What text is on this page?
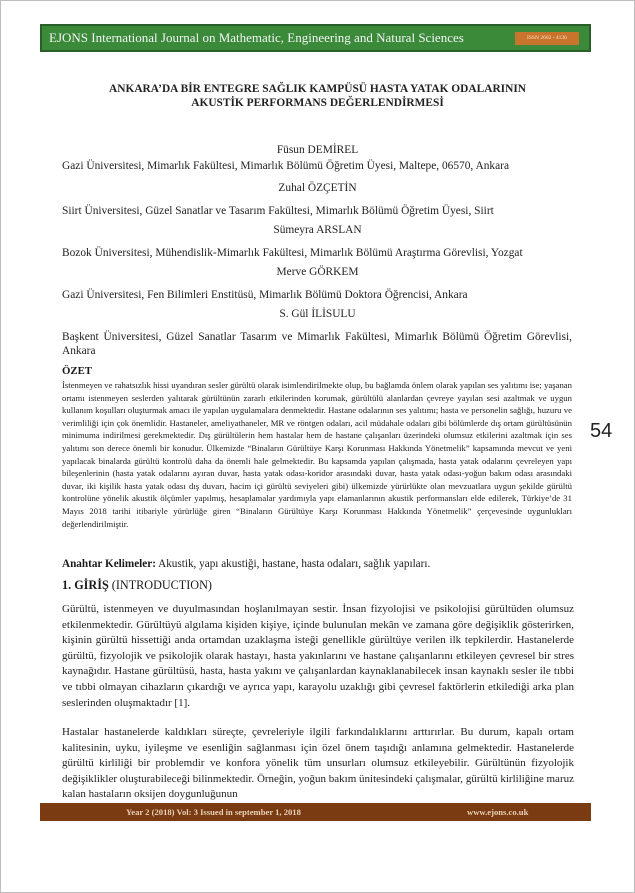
EJONS International Journal on Mathematic, Engineering and Natural Sciences	ISSN 2602 - 4136
ANKARA’DA BİR ENTEGRE SAĞLIK KAMPÜSÜ HASTA YATAK ODALARININ
AKUSTİK PERFORMANS DEĞERLENDİRMESİ
Füsun DEMİREL
Gazi Üniversitesi, Mimarlık Fakültesi, Mimarlık Bölümü Öğretim Üyesi, Maltepe, 06570, Ankara
Zuhal ÖZÇETİN
Siirt Üniversitesi, Güzel Sanatlar ve Tasarım Fakültesi, Mimarlık Bölümü Öğretim Üyesi, Siirt
Sümeyra ARSLAN
Bozok Üniversitesi, Mühendislik-Mimarlık Fakültesi, Mimarlık Bölümü Araştırma Görevlisi, Yozgat
Merve GÖRKEM
Gazi Üniversitesi, Fen Bilimleri Enstitüsü, Mimarlık Bölümü Doktora Öğrencisi, Ankara
S. Gül İLİSULU
Başkent Üniversitesi, Güzel Sanatlar Tasarım ve Mimarlık Fakültesi, Mimarlık Bölümü Öğretim Görevlisi, Ankara
ÖZET
İstenmeyen ve rahatsızlık hissi uyandıran sesler gürültü olarak isimlendirilmekte olup, bu bağlamda önlem olarak yapılan ses yalıtımı ise; yaşanan ortamı istenmeyen seslerden yalıtarak gürültünün zararlı etkilerinden korumak, gürültülü alanlardan çevreye yayılan sesi azaltmak ve uygun kullanım koşulları oluşturmak amacı ile yapılan uygulamalara denmektedir. Hastane odalarının ses yalıtımı; hasta ve personelin sağlığı, huzuru ve verimliliği için çok önemlidir. Hastaneler, ameliyathaneler, MR ve röntgen odaları, acil müdahale odaları gibi bölümlerde dış ortam gürültüsünün minimuma indirilmesi gerekmektedir. Dış gürültülerin hem hastalar hem de hastane çalışanları üzerindeki olumsuz etkilerini azaltmak için ses yalıtımı son derece önemli bir konudur. Ülkemizde “Binaların Gürültüye Karşı Korunması Hakkında Yönetmelik” kapsamında mevcut ve yeni yapılacak binalarda gürültü kontrolü daha da önemli hale gelmektedir. Bu kapsamda yapılan çalışmada, hasta yatak odalarını çevreleyen yapı bileşenlerinin (hasta yatak odalarını ayıran duvar, hasta yatak odası-koridor arasındaki duvar, hasta yatak odası-yoğun bakım odası arasındaki duvar, iki kişilik hasta yatak odası dış duvarı, hacim içi gürültü seviyeleri gibi) ülkemizde yürürlükte olan mevzuatlara uygun şekilde gürültü kontrolüne yönelik akustik ölçümler yapılmış, hesaplamalar yardımıyla yapı elamanlarının akustik performansları elde edilerek, Türkiye’de 31 Mayıs 2018 tarihi itibariyle yürürlüğe giren “Binaların Gürültüye Karşı Korunması Hakkında Yönetmelik” çerçevesinde uygunlukları değerlendirilmiştir.
54
Anahtar Kelimeler: Akustik, yapı akustiği, hastane, hasta odaları, sağlık yapıları.
1. GİRİŞ (INTRODUCTION)
Gürültü, istenmeyen ve duyulmasından hoşlanılmayan sestir. İnsan fizyolojisi ve psikolojisi gürültüden olumsuz etkilenmektedir. Gürültüyü algılama kişiden kişiye, içinde bulunulan mekân ve zamana göre değişiklik gösterirken, kişinin gürültü hissettiği anda ortamdan uzaklaşma isteği genellikle gürültüye verilen ilk tepkilerdir. Hastanelerde gürültü, fizyolojik ve psikolojik olarak hastayı, hasta yakınlarını ve hastane çalışanlarını etkileyen çevresel bir stres kaynağıdır. Hastane gürültüsü, hasta, hasta yakını ve çalışanlardan kaynaklanabilecek insan kaynaklı sesler ile tıbbi ve tıbbi olmayan cihazların çıkardığı ve ayrıca yapı, karayolu uzaklığı gibi çevresel faktörlerin etkilediği arka plan seslerinden oluşmaktadır [1].
Hastalar hastanelerde kaldıkları süreçte, çevreleriyle ilgili farkındalıklarını arttırırlar. Bu durum, kapalı ortam kalitesinin, uyku, iyileşme ve esenliğin sağlanması için özel önem taşıdığı anlamına gelmektedir. Hastanelerde gürültü kirliliği bir problemdir ve konfora yönelik tüm unsurları olumsuz etkileyebilir. Gürültünün fizyolojik değişiklikler oluşturabileceği bilinmektedir. Örneğin, yoğun bakım ünitesindeki çalışmalar, gürültü kirliliğine maruz kalan hastaların oksijen doygunluğunun
Year 2 (2018) Vol: 3 Issued in september 1, 2018	www.ejons.co.uk
